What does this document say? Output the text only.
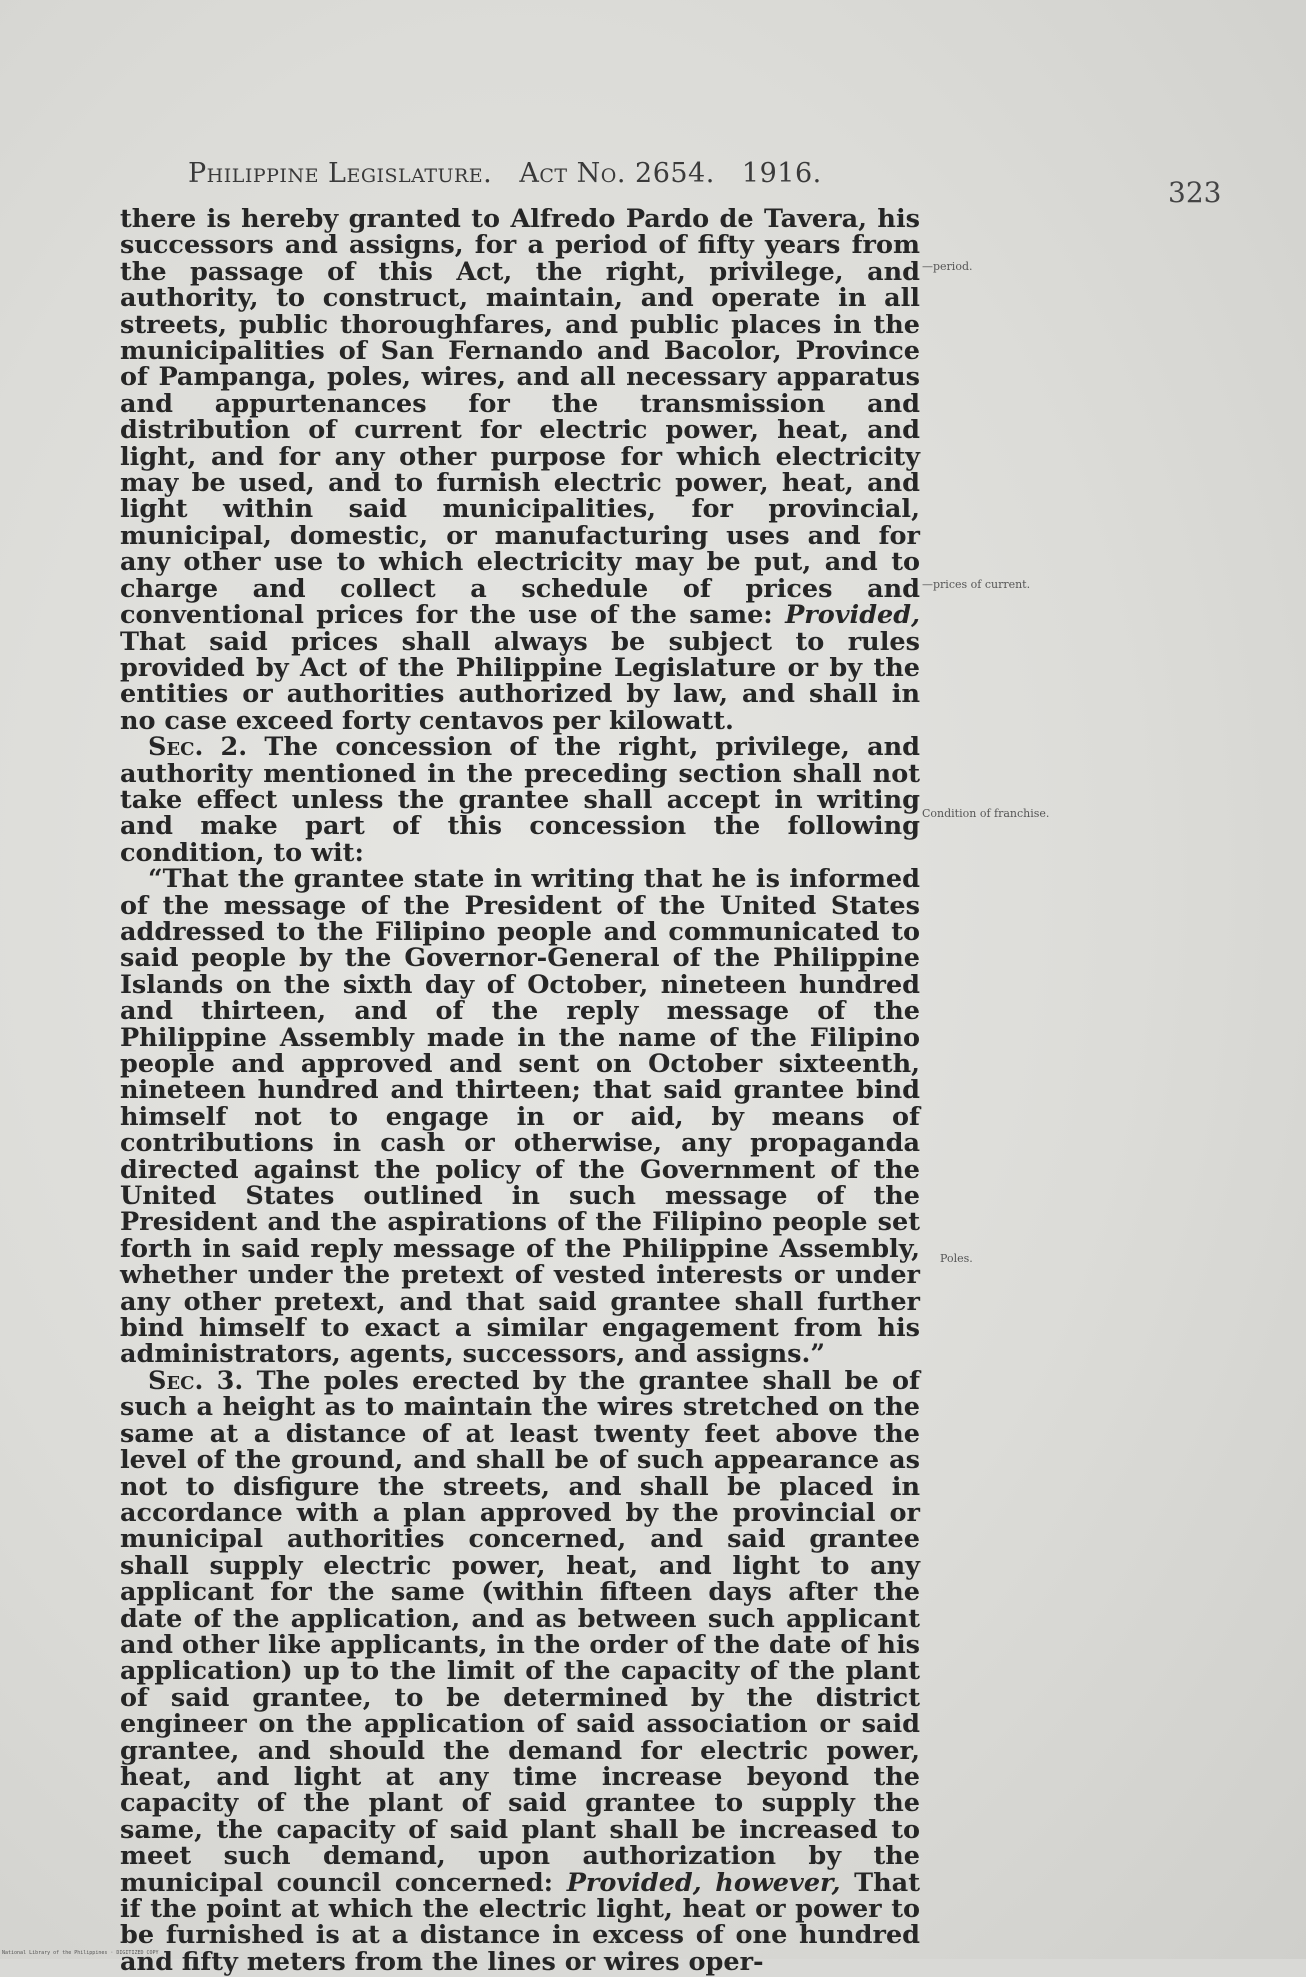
Philippine Legislature. Act No. 2654. 1916.
323

there is hereby granted to Alfredo Pardo de Tavera, his successors and assigns, for a period of fifty years from the passage of this Act, the right, privilege, and authority, to construct, maintain, and operate in all streets, public thoroughfares, and public places in the municipalities of San Fernando and Bacolor, Province of Pampanga, poles, wires, and all necessary apparatus and appurtenances for the transmission and distribution of current for electric power, heat, and light, and for any other purpose for which electricity may be used, and to furnish electric power, heat, and light within said municipalities, for provincial, municipal, domestic, or manufacturing uses and for any other use to which electricity may be put, and to charge and collect a schedule of prices and conventional prices for the use of the same: Provided, That said prices shall always be subject to rules provided by Act of the Philippine Legislature or by the entities or authorities authorized by law, and shall in no case exceed forty centavos per kilowatt.

Sec. 2. The concession of the right, privilege, and authority mentioned in the preceding section shall not take effect unless the grantee shall accept in writing and make part of this concession the following condition, to wit:

“That the grantee state in writing that he is informed of the message of the President of the United States addressed to the Filipino people and communicated to said people by the Governor-General of the Philippine Islands on the sixth day of October, nineteen hundred and thirteen, and of the reply message of the Philippine Assembly made in the name of the Filipino people and approved and sent on October sixteenth, nineteen hundred and thirteen; that said grantee bind himself not to engage in or aid, by means of contributions in cash or otherwise, any propaganda directed against the policy of the Government of the United States outlined in such message of the President and the aspirations of the Filipino people set forth in said reply message of the Philippine Assembly, whether under the pretext of vested interests or under any other pretext, and that said grantee shall further bind himself to exact a similar engagement from his administrators, agents, successors, and assigns.”

Sec. 3. The poles erected by the grantee shall be of such a height as to maintain the wires stretched on the same at a distance of at least twenty feet above the level of the ground, and shall be of such appearance as not to disfigure the streets, and shall be placed in accordance with a plan approved by the provincial or municipal authorities concerned, and said grantee shall supply electric power, heat, and light to any applicant for the same (within fifteen days after the date of the application, and as between such applicant and other like applicants, in the order of the date of his application) up to the limit of the capacity of the plant of said grantee, to be determined by the district engineer on the application of said association or said grantee, and should the demand for electric power, heat, and light at any time increase beyond the capacity of the plant of said grantee to supply the same, the capacity of said plant shall be increased to meet such demand, upon authorization by the municipal council concerned: Provided, however, That if the point at which the electric light, heat or power to be furnished is at a distance in excess of one hundred and fifty meters from the lines or wires oper-

—period.
—prices of current.
Condition of franchise.
Poles.
National Library of the Philippines · DIGITIZED COPY
